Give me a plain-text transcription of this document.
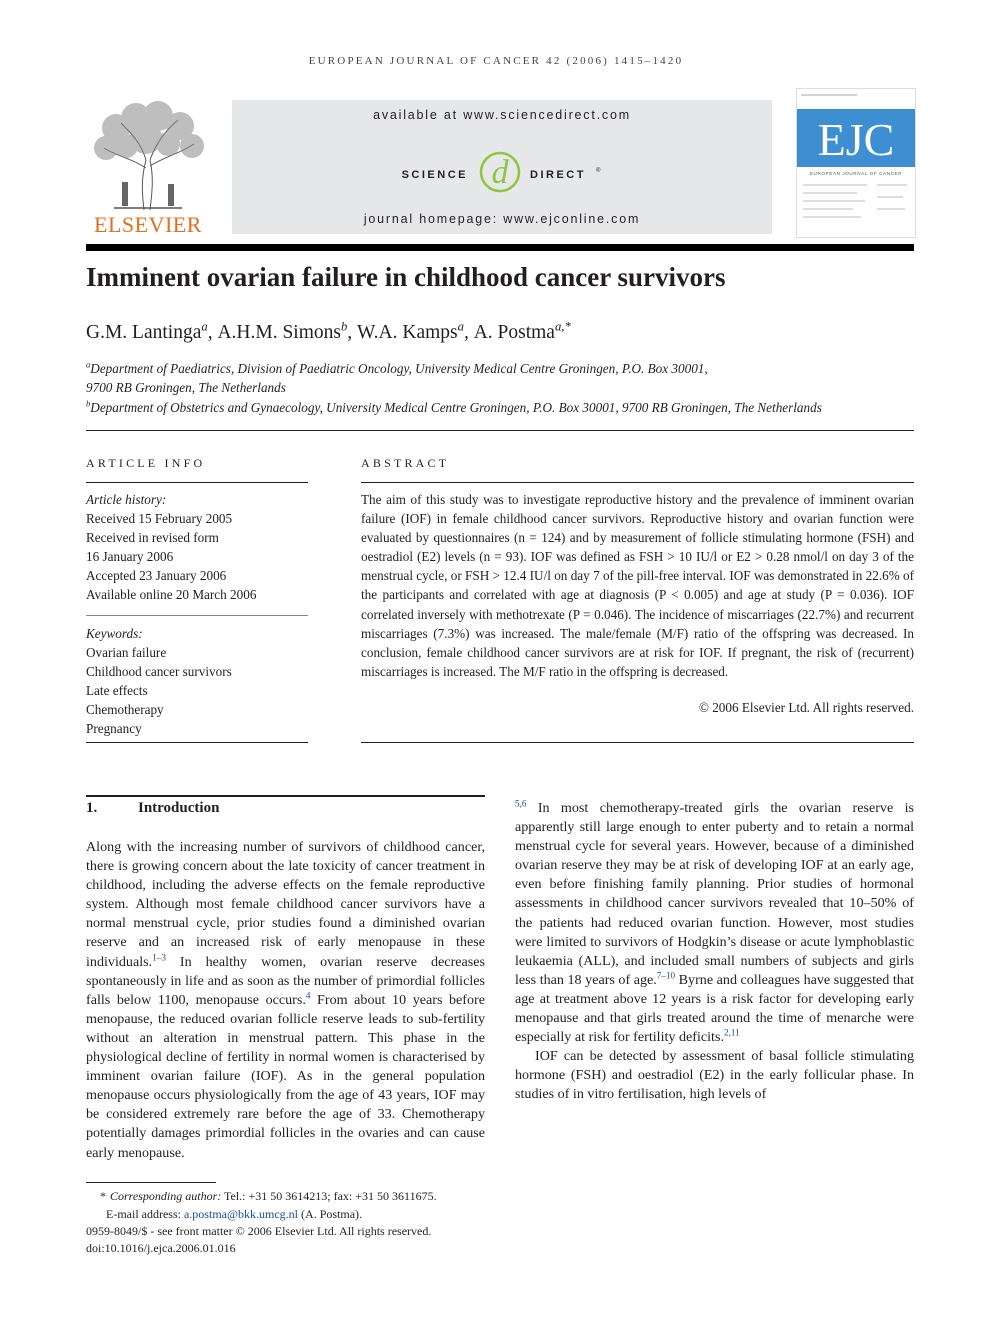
EUROPEAN JOURNAL OF CANCER 42 (2006) 1415–1420
ELSEVIER
available at www.sciencedirect.com
SCIENCE d DIRECT ®
journal homepage: www.ejconline.com
EJC
EUROPEAN JOURNAL OF CANCER
Imminent ovarian failure in childhood cancer survivors
G.M. Lantinga$^a$, A.H.M. Simons$^b$, W.A. Kamps$^a$, A. Postma$^{a,*}$
$^a$Department of Paediatrics, Division of Paediatric Oncology, University Medical Centre Groningen, P.O. Box 30001,
9700 RB Groningen, The Netherlands
$^b$Department of Obstetrics and Gynaecology, University Medical Centre Groningen, P.O. Box 30001, 9700 RB Groningen, The Netherlands
ARTICLE INFO
Article history:
Received 15 February 2005
Received in revised form
16 January 2006
Accepted 23 January 2006
Available online 20 March 2006
Keywords:
Ovarian failure
Childhood cancer survivors
Late effects
Chemotherapy
Pregnancy
ABSTRACT
The aim of this study was to investigate reproductive history and the prevalence of imminent ovarian failure (IOF) in female childhood cancer survivors. Reproductive history and ovarian function were evaluated by questionnaires (n = 124) and by measurement of follicle stimulating hormone (FSH) and oestradiol (E2) levels (n = 93). IOF was defined as FSH > 10 IU/l or E2 > 0.28 nmol/l on day 3 of the menstrual cycle, or FSH > 12.4 IU/l on day 7 of the pill-free interval. IOF was demonstrated in 22.6% of the participants and correlated with age at diagnosis (P < 0.005) and age at study (P = 0.036). IOF correlated inversely with methotrexate (P = 0.046). The incidence of miscarriages (22.7%) and recurrent miscarriages (7.3%) was increased. The male/female (M/F) ratio of the offspring was decreased. In conclusion, female childhood cancer survivors are at risk for IOF. If pregnant, the risk of (recurrent) miscarriages is increased. The M/F ratio in the offspring is decreased.
© 2006 Elsevier Ltd. All rights reserved.
1.	Introduction

Along with the increasing number of survivors of childhood cancer, there is growing concern about the late toxicity of cancer treatment in childhood, including the adverse effects on the female reproductive system. Although most female childhood cancer survivors have a normal menstrual cycle, prior studies found a diminished ovarian reserve and an increased risk of early menopause in these individuals.$^{1-3}$ In healthy women, ovarian reserve decreases spontaneously in life and as soon as the number of primordial follicles falls below 1100, menopause occurs.$^4$ From about 10 years before menopause, the reduced ovarian follicle reserve leads to sub-fertility without an alteration in menstrual pattern. This phase in the physiological decline of fertility in normal women is characterised by imminent ovarian failure (IOF). As in the general population menopause occurs physiologically from the age of 43 years, IOF may be considered extremely rare before the age of 33. Chemotherapy potentially damages primordial follicles in the ovaries and can cause early menopause.

$^{5,6}$ In most chemotherapy-treated girls the ovarian reserve is apparently still large enough to enter puberty and to retain a normal menstrual cycle for several years. However, because of a diminished ovarian reserve they may be at risk of developing IOF at an early age, even before finishing family planning. Prior studies of hormonal assessments in childhood cancer survivors revealed that 10–50% of the patients had reduced ovarian function. However, most studies were limited to survivors of Hodgkin’s disease or acute lymphoblastic leukaemia (ALL), and included small numbers of subjects and girls less than 18 years of age.$^{7-10}$ Byrne and colleagues have suggested that age at treatment above 12 years is a risk factor for developing early menopause and that girls treated around the time of menarche were especially at risk for fertility deficits.$^{2,11}$

IOF can be detected by assessment of basal follicle stimulating hormone (FSH) and oestradiol (E2) in the early follicular phase. In studies of in vitro fertilisation, high levels of

* Corresponding author: Tel.: +31 50 3614213; fax: +31 50 3611675.
E-mail address: a.postma@bkk.umcg.nl (A. Postma).
0959-8049/$ - see front matter © 2006 Elsevier Ltd. All rights reserved.
doi:10.1016/j.ejca.2006.01.016
